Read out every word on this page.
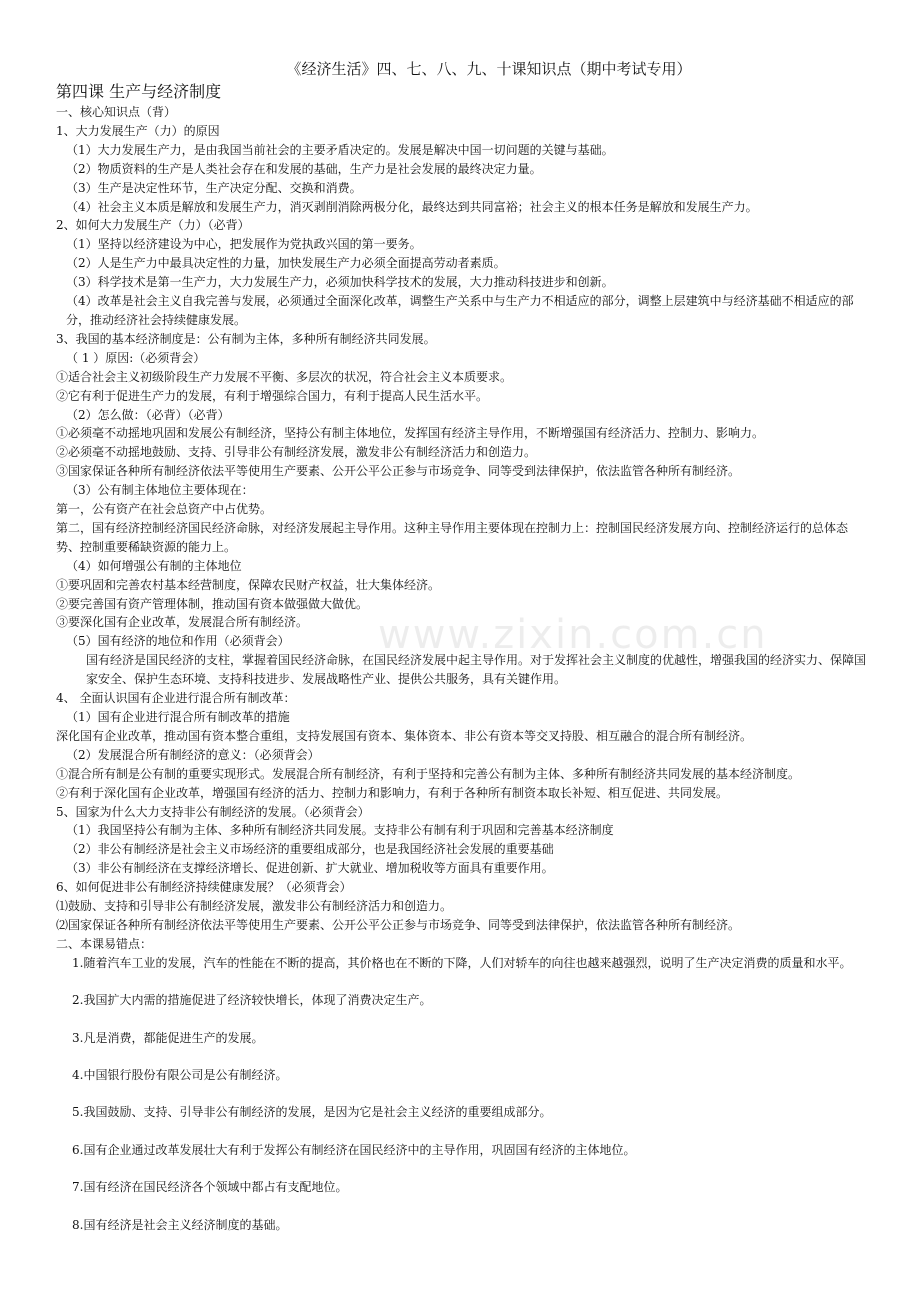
《经济生活》四、七、八、九、十课知识点（期中考试专用）

第四课 生产与经济制度

一、核心知识点（背）

1、大力发展生产（力）的原因

（1）大力发展生产力，是由我国当前社会的主要矛盾决定的。发展是解决中国一切问题的关键与基础。

（2）物质资料的生产是人类社会存在和发展的基础，生产力是社会发展的最终决定力量。

（3）生产是决定性环节，生产决定分配、交换和消费。

（4）社会主义本质是解放和发展生产力，消灭剥削消除两极分化，最终达到共同富裕；社会主义的根本任务是解放和发展生产力。

2、如何大力发展生产（力）（必背）

（1）坚持以经济建设为中心，把发展作为党执政兴国的第一要务。

（2）人是生产力中最具决定性的力量，加快发展生产力必须全面提高劳动者素质。

（3）科学技术是第一生产力，大力发展生产力，必须加快科学技术的发展，大力推动科技进步和创新。

（4）改革是社会主义自我完善与发展，必须通过全面深化改革，调整生产关系中与生产力不相适应的部分，调整上层建筑中与经济基础不相适应的部分，推动经济社会持续健康发展。

3、我国的基本经济制度是：公有制为主体，多种所有制经济共同发展。

（ 1 ）原因:（必须背会）

①适合社会主义初级阶段生产力发展不平衡、多层次的状况，符合社会主义本质要求。

②它有利于促进生产力的发展，有利于增强综合国力，有利于提高人民生活水平。

（2）怎么做：（必背）（必背）

①必须毫不动摇地巩固和发展公有制经济，坚持公有制主体地位，发挥国有经济主导作用，不断增强国有经济活力、控制力、影响力。

②必须毫不动摇地鼓励、支持、引导非公有制经济发展，激发非公有制经济活力和创造力。

③国家保证各种所有制经济依法平等使用生产要素、公开公平公正参与市场竞争、同等受到法律保护，依法监管各种所有制经济。

（3）公有制主体地位主要体现在：

第一，公有资产在社会总资产中占优势。

第二，国有经济控制经济国民经济命脉，对经济发展起主导作用。这种主导作用主要体现在控制力上：控制国民经济发展方向、控制经济运行的总体态势、控制重要稀缺资源的能力上。

（4）如何增强公有制的主体地位

①要巩固和完善农村基本经营制度，保障农民财产权益，壮大集体经济。

②要完善国有资产管理体制，推动国有资本做强做大做优。

③要深化国有企业改革，发展混合所有制经济。

（5）国有经济的地位和作用（必须背会）

国有经济是国民经济的支柱，掌握着国民经济命脉，在国民经济发展中起主导作用。对于发挥社会主义制度的优越性，增强我国的经济实力、保障国家安全、保护生态环境、支持科技进步、发展战略性产业、提供公共服务，具有关键作用。

4、 全面认识国有企业进行混合所有制改革：

（1）国有企业进行混合所有制改革的措施

深化国有企业改革，推动国有资本整合重组，支持发展国有资本、集体资本、非公有资本等交叉持股、相互融合的混合所有制经济。

（2）发展混合所有制经济的意义：（必须背会）

①混合所有制是公有制的重要实现形式。发展混合所有制经济，有利于坚持和完善公有制为主体、多种所有制经济共同发展的基本经济制度。

②有利于深化国有企业改革，增强国有经济的活力、控制力和影响力，有利于各种所有制资本取长补短、相互促进、共同发展。

5、国家为什么大力支持非公有制经济的发展。（必须背会）

（1）我国坚持公有制为主体、多种所有制经济共同发展。支持非公有制有利于巩固和完善基本经济制度

（2）非公有制经济是社会主义市场经济的重要组成部分，也是我国经济社会发展的重要基础

（3）非公有制经济在支撑经济增长、促进创新、扩大就业、增加税收等方面具有重要作用。

6、如何促进非公有制经济持续健康发展？（必须背会）

⑴鼓励、支持和引导非公有制经济发展，激发非公有制经济活力和创造力。

⑵国家保证各种所有制经济依法平等使用生产要素、公开公平公正参与市场竞争、同等受到法律保护，依法监管各种所有制经济。

二、本课易错点：

1.随着汽车工业的发展，汽车的性能在不断的提高，其价格也在不断的下降，人们对轿车的向往也越来越强烈，说明了生产决定消费的质量和水平。

2.我国扩大内需的措施促进了经济较快增长，体现了消费决定生产。

3.凡是消费，都能促进生产的发展。

4.中国银行股份有限公司是公有制经济。

5.我国鼓励、支持、引导非公有制经济的发展，是因为它是社会主义经济的重要组成部分。

6.国有企业通过改革发展壮大有利于发挥公有制经济在国民经济中的主导作用，巩固国有经济的主体地位。

7.国有经济在国民经济各个领域中都占有支配地位。

8.国有经济是社会主义经济制度的基础。

www.zixin.com.cn
